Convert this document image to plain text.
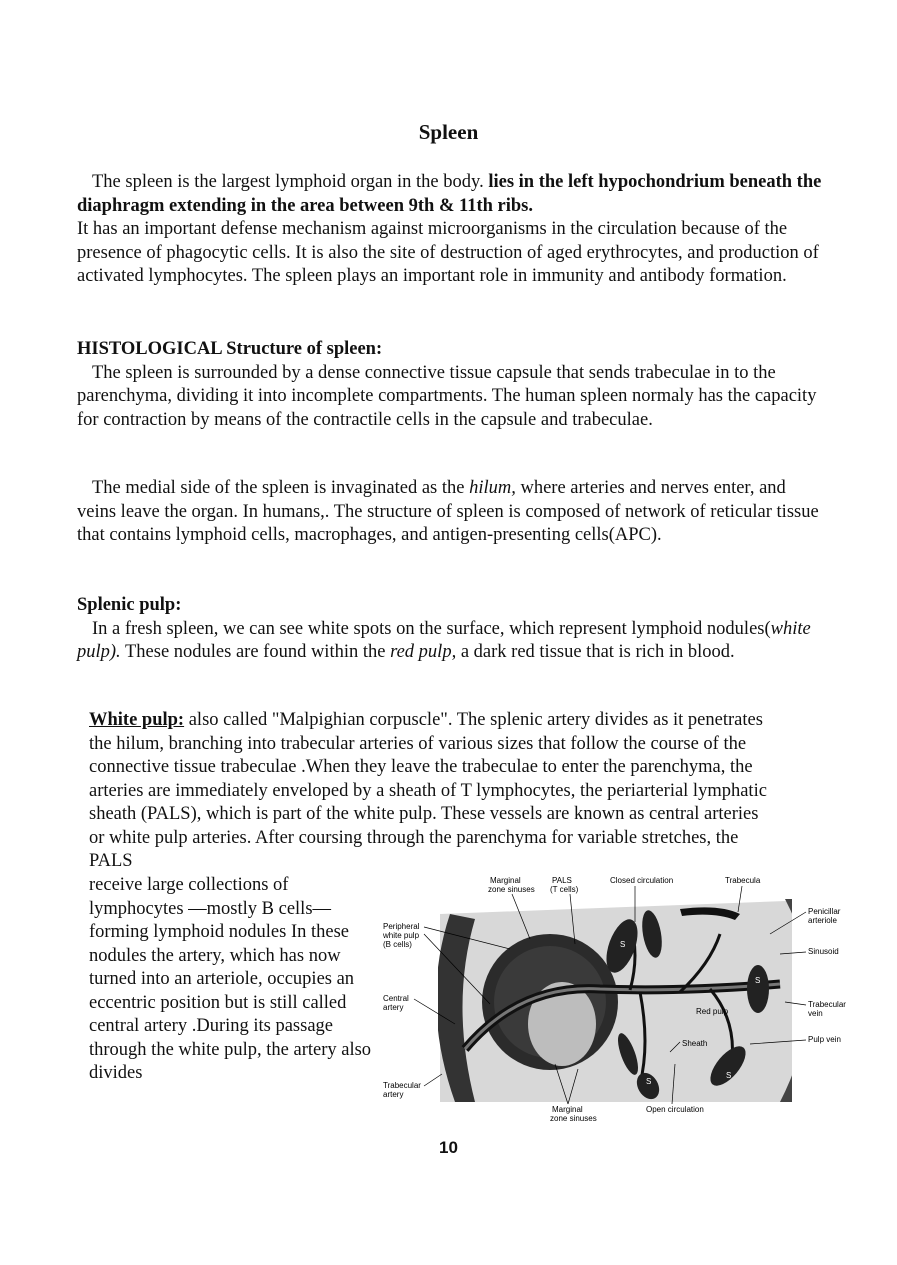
Spleen
The spleen is the largest lymphoid organ in the body. lies in the left hypochondrium beneath the diaphragm extending in the area between 9th & 11th ribs.
It has an important defense mechanism against microorganisms in the circulation because of the presence of phagocytic cells. It is also the site of destruction of aged erythrocytes, and production of activated lymphocytes. The spleen plays an important role in immunity and antibody formation.
HISTOLOGICAL Structure of spleen:
The spleen is surrounded by a dense connective tissue capsule that sends trabeculae in to the parenchyma, dividing it into incomplete compartments. The human spleen normaly has the capacity for contraction by means of the contractile cells in the capsule and trabeculae.
The medial side of the spleen is invaginated as the hilum, where arteries and nerves enter, and veins leave the organ. In humans,. The structure of spleen is composed of network of reticular tissue that contains lymphoid cells, macrophages, and antigen-presenting cells(APC).
Splenic pulp:
In a fresh spleen, we can see white spots on the surface, which represent lymphoid nodules(white pulp). These nodules are found within the red pulp, a dark red tissue that is rich in blood.
White pulp: also called "Malpighian corpuscle". The splenic artery divides as it penetrates the hilum, branching into trabecular arteries of various sizes that follow the course of the connective tissue trabeculae .When they leave the trabeculae to enter the parenchyma, the arteries are immediately enveloped by a sheath of T lymphocytes, the periarterial lymphatic sheath (PALS), which is part of the white pulp. These vessels are known as central arteries or white pulp arteries. After coursing through the parenchyma for variable stretches, the PALS
receive large collections of lymphocytes —mostly B cells— forming lymphoid nodules In these nodules the artery, which has now turned into an arteriole, occupies an eccentric position but is still called central artery .During its passage through the white pulp, the artery also divides
S
S
S
S
Marginal
zone sinuses
PALS
(T cells)
Closed circulation	Trabecula
Peripheral
white pulp
(B cells)
Central
artery
Trabecular
artery
Penicillar
arteriole
Sinusoid
Trabecular
vein
Pulp vein
Red pulp
Sheath
Marginal
zone sinuses
Open circulation
10
